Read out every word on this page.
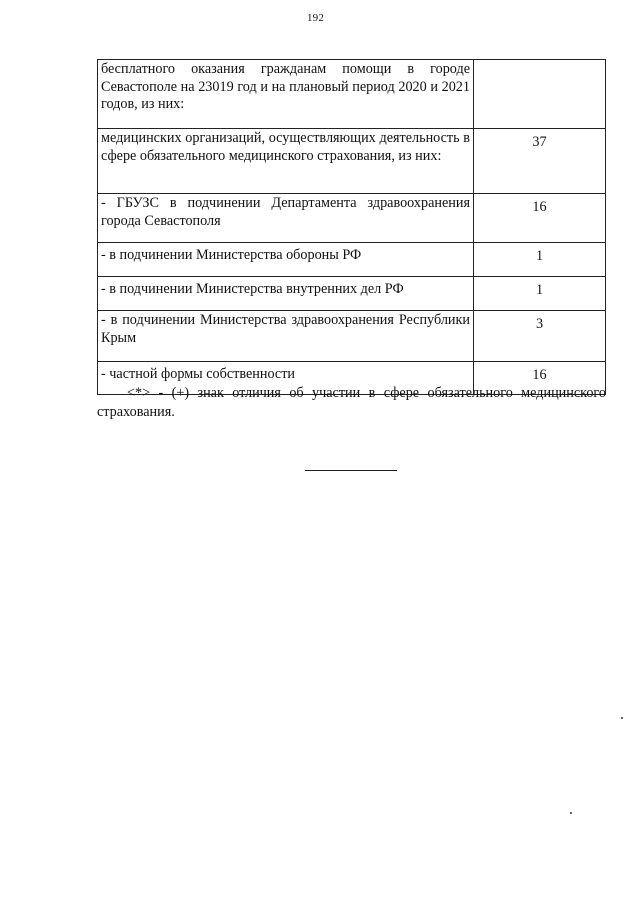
192
бесплатного оказания гражданам помощи в городе Севастополе на 23019 год и на плановый период 2020 и 2021 годов, из них:	
медицинских организаций, осуществляющих деятельность в сфере обязательного медицинского страхования, из них:	37
- ГБУЗС в подчинении Департамента здравоохранения города Севастополя	16
- в подчинении Министерства обороны РФ	1
- в подчинении Министерства внутренних дел РФ	1
- в подчинении Министерства здравоохранения Республики Крым	3
- частной формы собственности	16

<*> - (+) знак отличия об участии в сфере обязательного медицинского страхования.
